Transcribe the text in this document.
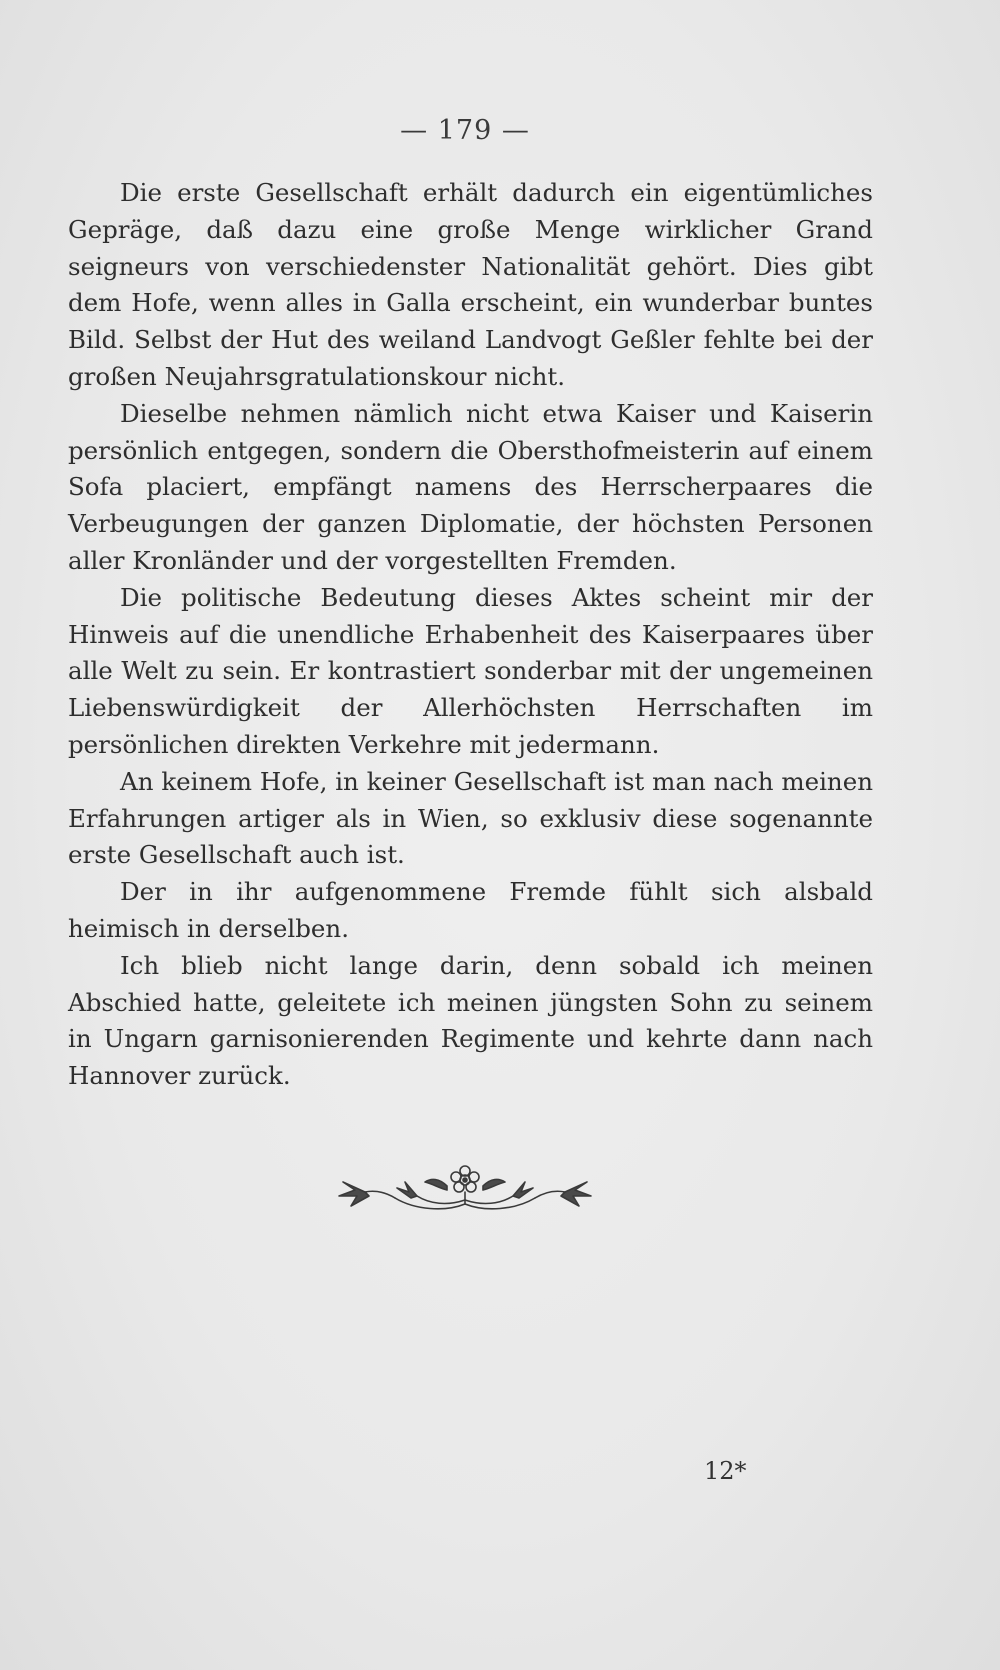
— 179 —

Die erste Gesellschaft erhält dadurch ein eigentümliches Gepräge, daß dazu eine große Menge wirklicher Grand seigneurs von verschiedenster Nationalität gehört. Dies gibt dem Hofe, wenn alles in Galla erscheint, ein wunderbar buntes Bild. Selbst der Hut des weiland Landvogt Geßler fehlte bei der großen Neujahrsgratulationskour nicht.

Dieselbe nehmen nämlich nicht etwa Kaiser und Kaiserin persönlich entgegen, sondern die Obersthofmeisterin auf einem Sofa placiert, empfängt namens des Herrscherpaares die Verbeugungen der ganzen Diplomatie, der höchsten Personen aller Kronländer und der vorgestellten Fremden.

Die politische Bedeutung dieses Aktes scheint mir der Hinweis auf die unendliche Erhabenheit des Kaiserpaares über alle Welt zu sein. Er kontrastiert sonderbar mit der ungemeinen Liebenswürdigkeit der Allerhöchsten Herrschaften im persönlichen direkten Verkehre mit jedermann.

An keinem Hofe, in keiner Gesellschaft ist man nach meinen Erfahrungen artiger als in Wien, so exklusiv diese sogenannte erste Gesellschaft auch ist.

Der in ihr aufgenommene Fremde fühlt sich alsbald heimisch in derselben.

Ich blieb nicht lange darin, denn sobald ich meinen Abschied hatte, geleitete ich meinen jüngsten Sohn zu seinem in Ungarn garnisonierenden Regimente und kehrte dann nach Hannover zurück.

12*
